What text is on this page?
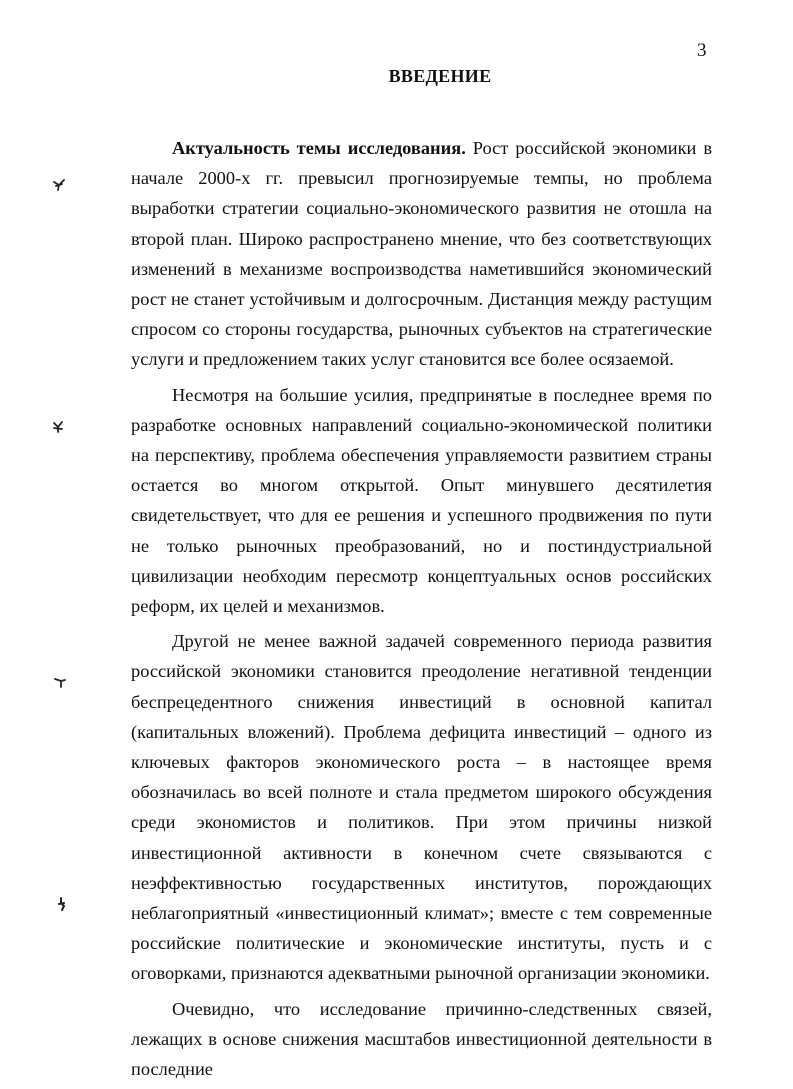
3
ВВЕДЕНИЕ

Актуальность темы исследования. Рост российской экономики в начале 2000-х гг. превысил прогнозируемые темпы, но проблема выработки стратегии социально-экономического развития не отошла на второй план. Широко распространено мнение, что без соответствующих изменений в механизме воспроизводства наметившийся экономический рост не станет устойчивым и долгосрочным. Дистанция между растущим спросом со стороны государства, рыночных субъектов на стратегические услуги и предложением таких услуг становится все более осязаемой.

Несмотря на большие усилия, предпринятые в последнее время по разработке основных направлений социально-экономической политики на перспективу, проблема обеспечения управляемости развитием страны остается во многом открытой. Опыт минувшего десятилетия свидетельствует, что для ее решения и успешного продвижения по пути не только рыночных преобразований, но и постиндустриальной цивилизации необходим пересмотр концептуальных основ российских реформ, их целей и механизмов.

Другой не менее важной задачей современного периода развития российской экономики становится преодоление негативной тенденции беспрецедентного снижения инвестиций в основной капитал (капитальных вложений). Проблема дефицита инвестиций – одного из ключевых факторов экономического роста – в настоящее время обозначилась во всей полноте и стала предметом широкого обсуждения среди экономистов и политиков. При этом причины низкой инвестиционной активности в конечном счете связываются с неэффективностью государственных институтов, порождающих неблагоприятный «инвестиционный климат»; вместе с тем современные российские политические и экономические институты, пусть и с оговорками, признаются адекватными рыночной организации экономики.

Очевидно, что исследование причинно-следственных связей, лежащих в основе снижения масштабов инвестиционной деятельности в последние
